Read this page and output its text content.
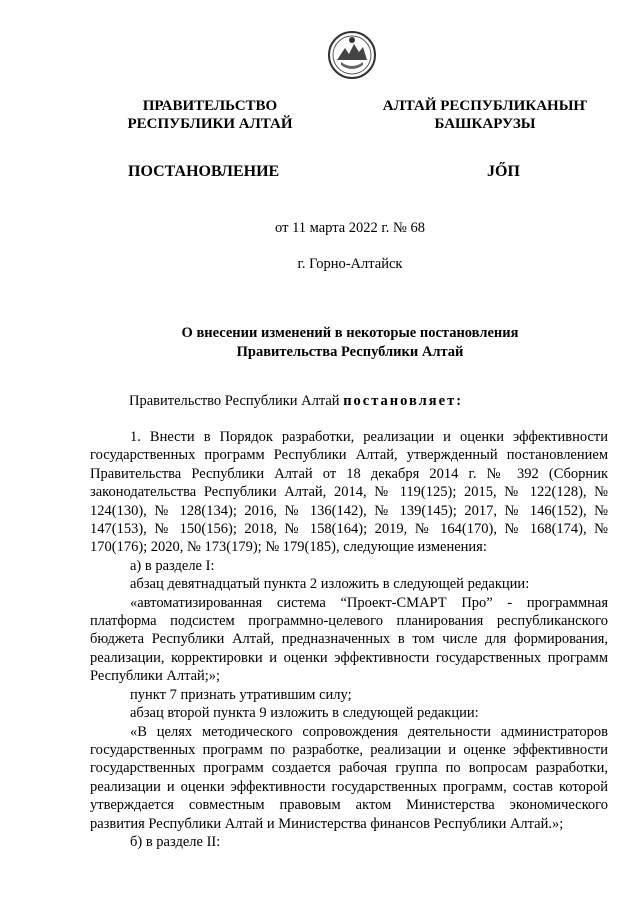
ПРАВИТЕЛЬСТВО
РЕСПУБЛИКИ АЛТАЙ
АЛТАЙ РЕСПУБЛИКАНЫҤ
БАШКАРУЗЫ
ПОСТАНОВЛЕНИЕ	JŐП
от 11 марта 2022 г. № 68
г. Горно-Алтайск
О внесении изменений в некоторые постановления
Правительства Республики Алтай
Правительство Республики Алтай постановляет:

1. Внести в Порядок разработки, реализации и оценки эффективности государственных программ Республики Алтай, утвержденный постановлением Правительства Республики Алтай от 18 декабря 2014 г. № 392 (Сборник законодательства Республики Алтай, 2014, № 119(125); 2015, № 122(128), № 124(130), № 128(134); 2016, № 136(142), № 139(145); 2017, № 146(152), № 147(153), № 150(156); 2018, № 158(164); 2019, № 164(170), № 168(174), № 170(176); 2020, № 173(179); № 179(185), следующие изменения:

а) в разделе I:

абзац девятнадцатый пункта 2 изложить в следующей редакции:

«автоматизированная система “Проект-СМАРТ Про” - программная платформа подсистем программно-целевого планирования республиканского бюджета Республики Алтай, предназначенных в том числе для формирования, реализации, корректировки и оценки эффективности государственных программ Республики Алтай;»;

пункт 7 признать утратившим силу;

абзац второй пункта 9 изложить в следующей редакции:

«В целях методического сопровождения деятельности администраторов государственных программ по разработке, реализации и оценке эффективности государственных программ создается рабочая группа по вопросам разработки, реализации и оценки эффективности государственных программ, состав которой утверждается совместным правовым актом Министерства экономического развития Республики Алтай и Министерства финансов Республики Алтай.»;

б) в разделе II:
